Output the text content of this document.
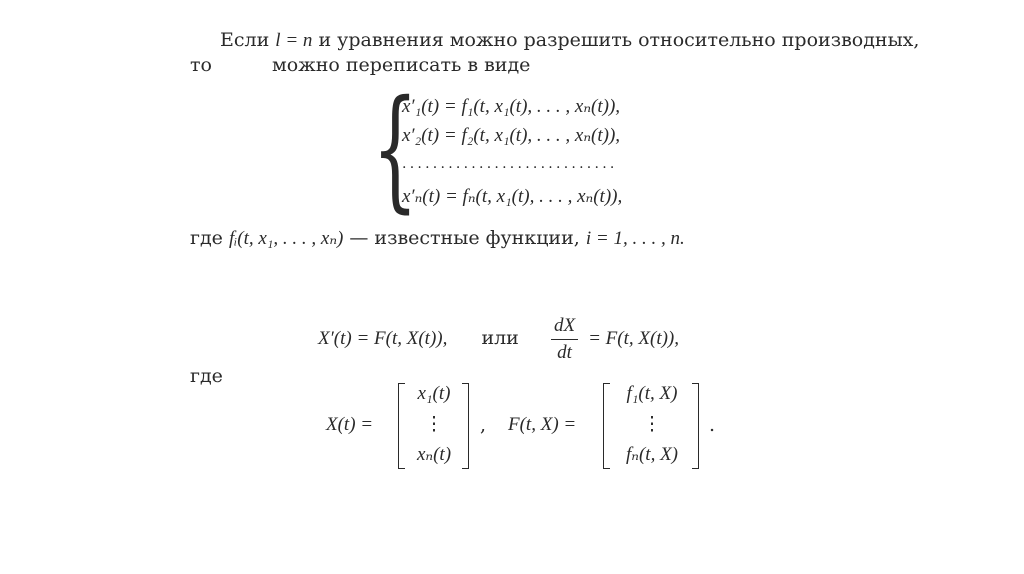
Если l = n и уравнения можно разрешить относительно производных,
то	можно переписать в виде
{
x′₁(t) = f₁(t, x₁(t), . . . , xₙ(t)),
x′₂(t) = f₂(t, x₁(t), . . . , xₙ(t)),
. . . . . . . . . . . . . . . . . . . . . . . . . . . .
x′ₙ(t) = fₙ(t, x₁(t), . . . , xₙ(t)),
где fᵢ(t, x₁, . . . , xₙ) — известные функции, i = 1, . . . , n.
X′(t) = F(t, X(t)), или $\frac{dX}{dt} = F(t$, X(t)),
где
X(t) =
x₁(t)
⋮
xₙ(t)
, F(t, X) =
f₁(t, X)
⋮
fₙ(t, X)
.
